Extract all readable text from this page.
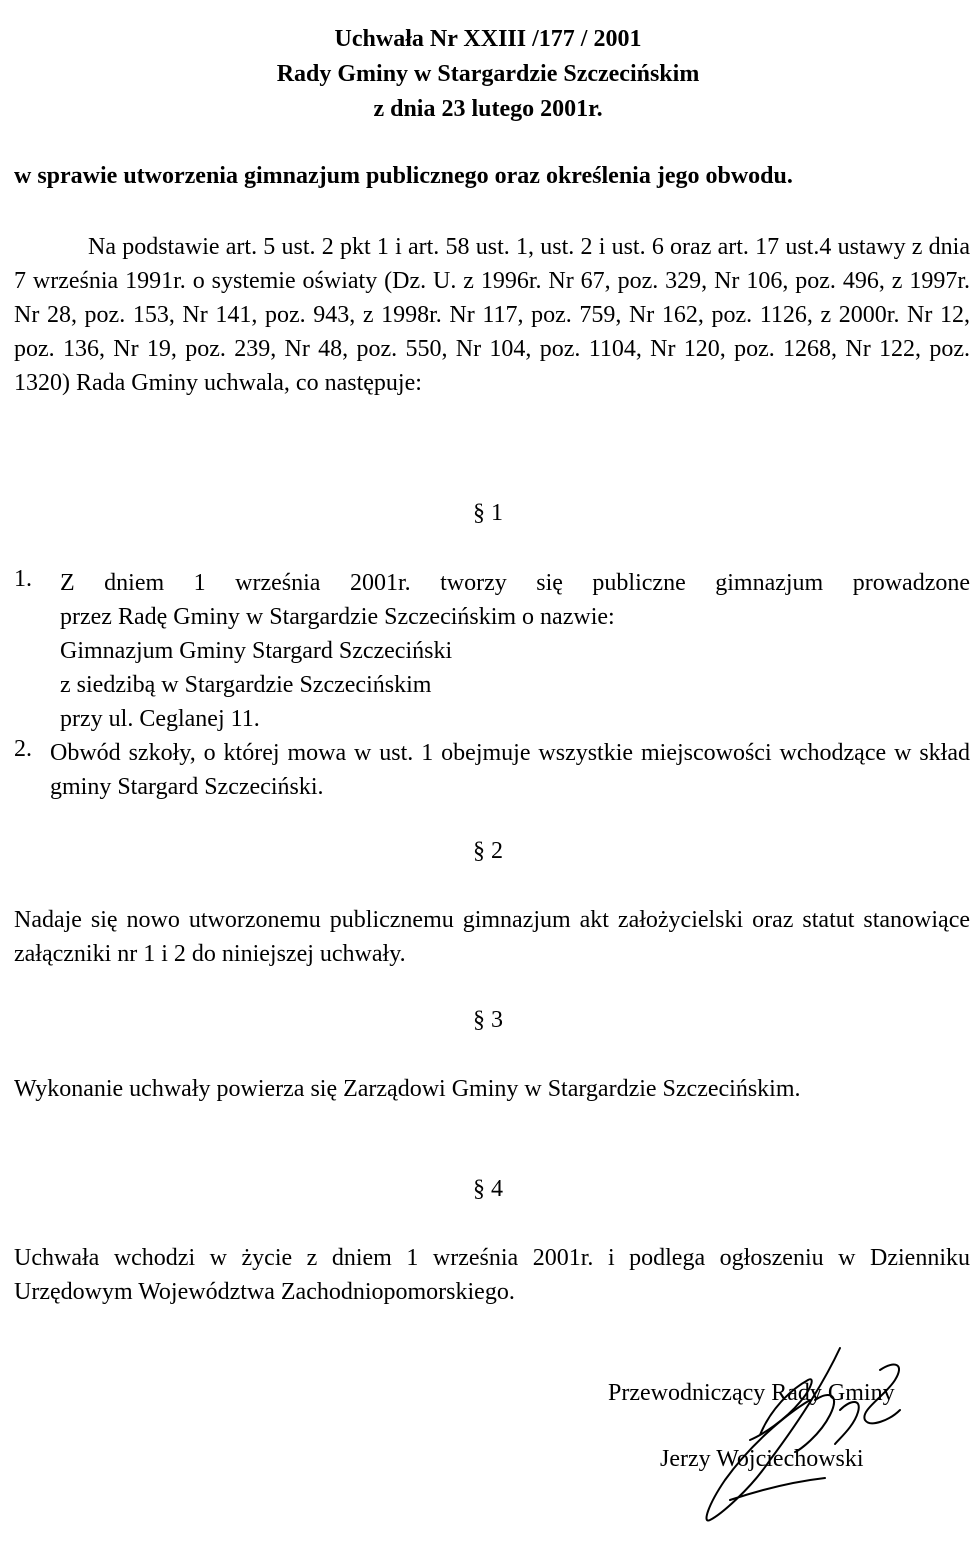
Uchwała Nr XXIII /177 / 2001
Rady Gminy w Stargardzie Szczecińskim
z dnia 23 lutego 2001r.
w sprawie utworzenia gimnazjum publicznego oraz określenia jego obwodu.
Na podstawie art. 5 ust. 2 pkt 1 i art. 58 ust. 1, ust. 2 i ust. 6 oraz art. 17 ust.4 ustawy z dnia 7 września 1991r. o systemie oświaty (Dz. U. z 1996r. Nr 67, poz. 329, Nr 106, poz. 496, z 1997r. Nr 28, poz. 153, Nr 141, poz. 943, z 1998r. Nr 117, poz. 759, Nr 162, poz. 1126, z 2000r. Nr 12, poz. 136, Nr 19, poz. 239, Nr 48, poz. 550, Nr 104, poz. 1104, Nr 120, poz. 1268, Nr 122, poz. 1320) Rada Gminy uchwala, co następuje:
§ 1
1. Z dniem 1 września 2001r. tworzy się publiczne gimnazjum prowadzone
przez Radę Gminy w Stargardzie Szczecińskim o nazwie:
Gimnazjum Gminy Stargard Szczeciński
z siedzibą w Stargardzie Szczecińskim
przy ul. Ceglanej 11.
2. Obwód szkoły, o której mowa w ust. 1 obejmuje wszystkie miejscowości wchodzące w skład gminy Stargard Szczeciński.
§ 2
Nadaje się nowo utworzonemu publicznemu gimnazjum akt założycielski oraz statut stanowiące załączniki nr 1 i 2 do niniejszej uchwały.
§ 3
Wykonanie uchwały powierza się Zarządowi Gminy w Stargardzie Szczecińskim.
§ 4
Uchwała wchodzi w życie z dniem 1 września 2001r. i podlega ogłoszeniu w Dzienniku Urzędowym Województwa Zachodniopomorskiego.
Przewodniczący Rady Gminy
Jerzy Wojciechowski
